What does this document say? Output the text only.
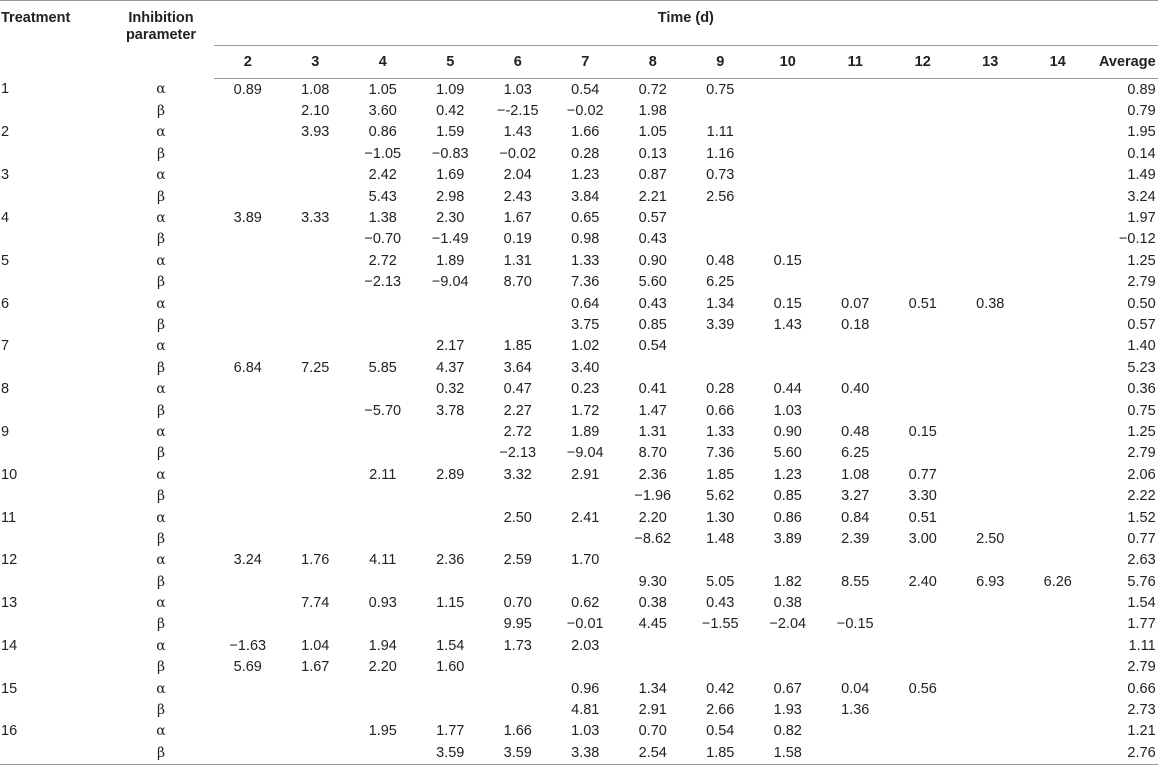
Treatment	Inhibition
parameter	Time (d)													
		2	3	4	5	6	7	8	9	10	11	12	13	14	Average
1	α	0.89	1.08	1.05	1.09	1.03	0.54	0.72	0.75						0.89
	β		2.10	3.60	0.42	−-2.15	−0.02	1.98							0.79
2	α		3.93	0.86	1.59	1.43	1.66	1.05	1.11						1.95
	β			−1.05	−0.83	−0.02	0.28	0.13	1.16						0.14
3	α			2.42	1.69	2.04	1.23	0.87	0.73						1.49
	β			5.43	2.98	2.43	3.84	2.21	2.56						3.24
4	α	3.89	3.33	1.38	2.30	1.67	0.65	0.57							1.97
	β			−0.70	−1.49	0.19	0.98	0.43							−0.12
5	α			2.72	1.89	1.31	1.33	0.90	0.48	0.15					1.25
	β			−2.13	−9.04	8.70	7.36	5.60	6.25						2.79
6	α						0.64	0.43	1.34	0.15	0.07	0.51	0.38		0.50
	β						3.75	0.85	3.39	1.43	0.18				0.57
7	α				2.17	1.85	1.02	0.54							1.40
	β	6.84	7.25	5.85	4.37	3.64	3.40								5.23
8	α				0.32	0.47	0.23	0.41	0.28	0.44	0.40				0.36
	β			−5.70	3.78	2.27	1.72	1.47	0.66	1.03					0.75
9	α					2.72	1.89	1.31	1.33	0.90	0.48	0.15			1.25
	β					−2.13	−9.04	8.70	7.36	5.60	6.25				2.79
10	α			2.11	2.89	3.32	2.91	2.36	1.85	1.23	1.08	0.77			2.06
	β							−1.96	5.62	0.85	3.27	3.30			2.22
11	α					2.50	2.41	2.20	1.30	0.86	0.84	0.51			1.52
	β							−8.62	1.48	3.89	2.39	3.00	2.50		0.77
12	α	3.24	1.76	4.11	2.36	2.59	1.70								2.63
	β							9.30	5.05	1.82	8.55	2.40	6.93	6.26	5.76
13	α		7.74	0.93	1.15	0.70	0.62	0.38	0.43	0.38					1.54
	β					9.95	−0.01	4.45	−1.55	−2.04	−0.15				1.77
14	α	−1.63	1.04	1.94	1.54	1.73	2.03								1.11
	β	5.69	1.67	2.20	1.60										2.79
15	α						0.96	1.34	0.42	0.67	0.04	0.56			0.66
	β						4.81	2.91	2.66	1.93	1.36				2.73
16	α			1.95	1.77	1.66	1.03	0.70	0.54	0.82					1.21
	β				3.59	3.59	3.38	2.54	1.85	1.58					2.76
